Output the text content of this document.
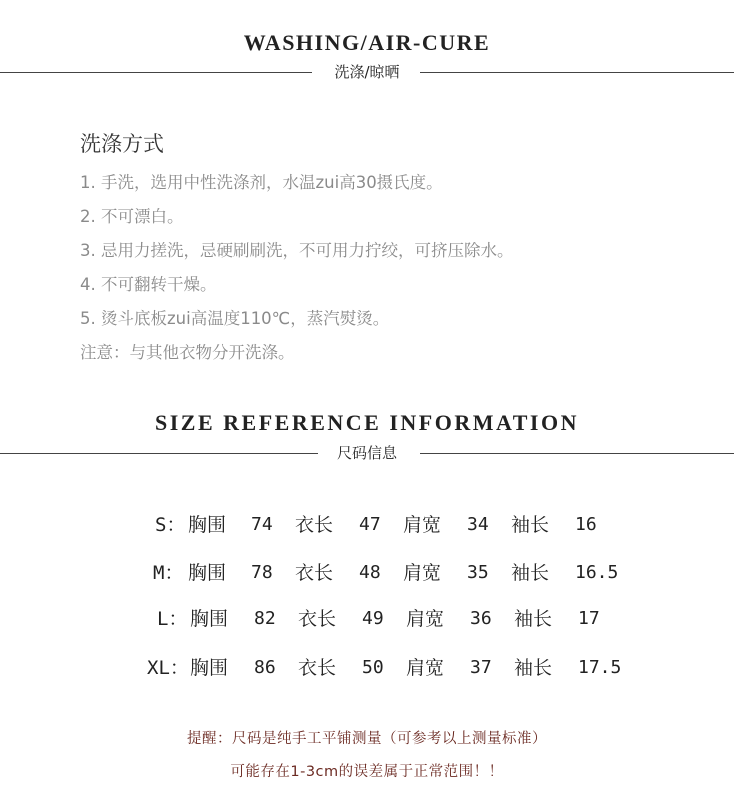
WASHING/AIR-CURE
洗涤/晾晒
洗涤方式
1. 手洗，选用中性洗涤剂，水温zui高30摄氏度。
2. 不可漂白。
3. 忌用力搓洗，忌硬刷刷洗，不可用力拧绞，可挤压除水。
4. 不可翻转干燥。
5. 烫斗底板zui高温度110℃，蒸汽熨烫。
注意：与其他衣物分开洗涤。
SIZE REFERENCE INFORMATION
尺码信息
S： 胸围 74 衣长 47 肩宽 34 袖长 16
M： 胸围 78 衣长 48 肩宽 35 袖长 16.5
L： 胸围 82 衣长 49 肩宽 36 袖长 17
XL： 胸围 86 衣长 50 肩宽 37 袖长 17.5
提醒：尺码是纯手工平铺测量（可参考以上测量标准）
可能存在1-3cm的误差属于正常范围！！
